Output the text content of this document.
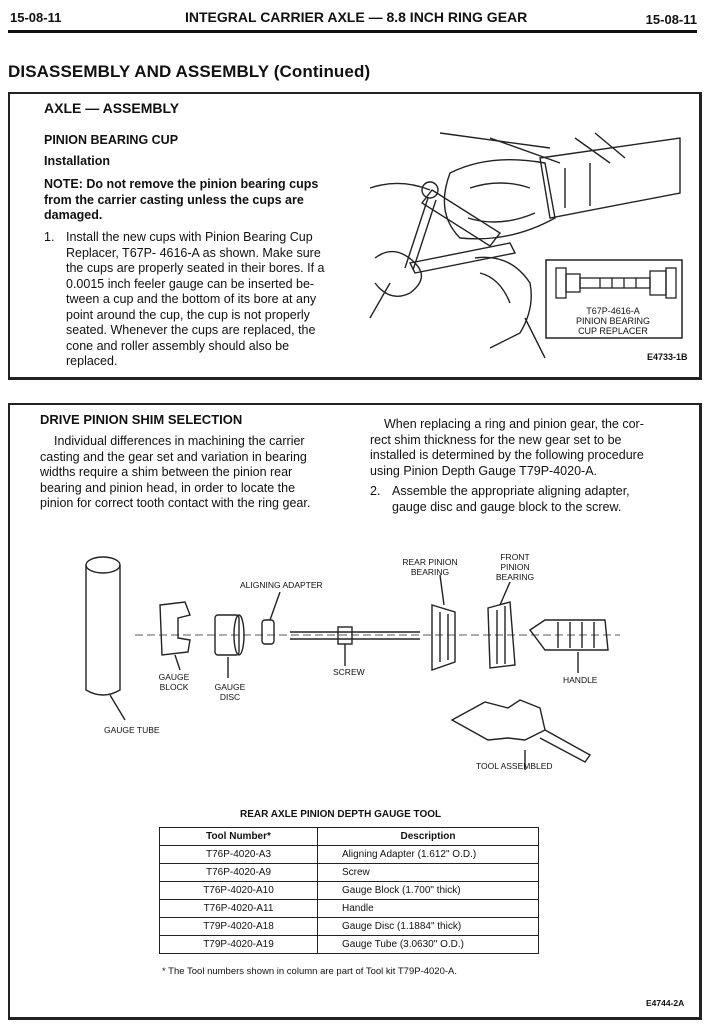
15-08-11	INTEGRAL CARRIER AXLE — 8.8 INCH RING GEAR	15-08-11
DISASSEMBLY AND ASSEMBLY (Continued)
AXLE — ASSEMBLY
PINION BEARING CUP
Installation
NOTE: Do not remove the pinion bearing cups
from the carrier casting unless the cups are
damaged.
1. Install the new cups with Pinion Bearing Cup
Replacer, T67P- 4616-A as shown. Make sure
the cups are properly seated in their bores. If a
0.0015 inch feeler gauge can be inserted be-
tween a cup and the bottom of its bore at any
point around the cup, the cup is not properly
seated. Whenever the cups are replaced, the
cone and roller assembly should also be
replaced.
T67P-4616-A
PINION BEARING
CUP REPLACER
E4733-1B
DRIVE PINION SHIM SELECTION
Individual differences in machining the carrier
casting and the gear set and variation in bearing
widths require a shim between the pinion rear
bearing and pinion head, in order to locate the
pinion for correct tooth contact with the ring gear.
When replacing a ring and pinion gear, the cor-
rect shim thickness for the new gear set to be
installed is determined by the following procedure
using Pinion Depth Gauge T79P-4020-A.
2. Assemble the appropriate aligning adapter,
gauge disc and gauge block to the screw.
ALIGNING ADAPTER
REAR PINION
BEARING
FRONT
PINION
BEARING
GAUGE
BLOCK	GAUGE
DISC
SCREW
HANDLE
GAUGE TUBE
TOOL ASSEMBLED
REAR AXLE PINION DEPTH GAUGE TOOL
Tool Number*	Description
T76P-4020-A3	Aligning Adapter (1.612" O.D.)
T76P-4020-A9	Screw
T76P-4020-A10	Gauge Block (1.700" thick)
T76P-4020-A11	Handle
T79P-4020-A18	Gauge Disc (1.1884" thick)
T79P-4020-A19	Gauge Tube (3.0630" O.D.)
* The Tool numbers shown in column are part of Tool kit T79P-4020-A.
E4744-2A
